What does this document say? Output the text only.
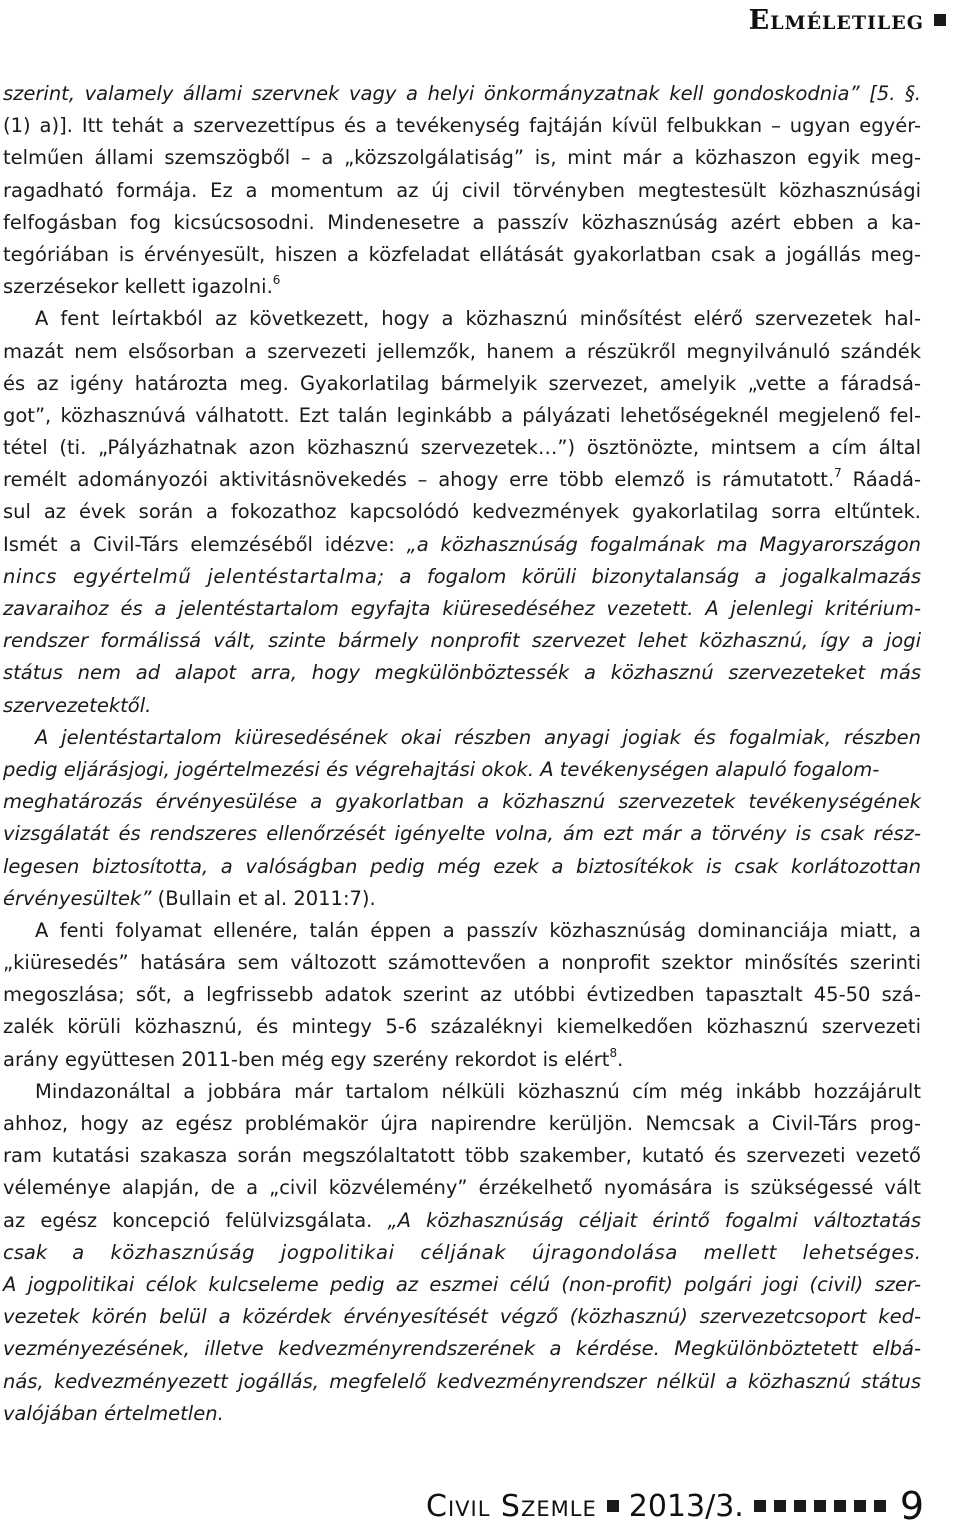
Elméletileg
szerint, valamely állami szervnek vagy a helyi önkormányzatnak kell gondoskodnia” [5. §.
(1) a)]. Itt tehát a szervezettípus és a tevékenység fajtáján kívül felbukkan – ugyan egyér-
telműen állami szemszögből – a „közszolgálatiság” is, mint már a közhaszon egyik meg-
ragadható formája. Ez a momentum az új civil törvényben megtestesült közhasznúsági
felfogásban fog kicsúcsosodni. Mindenesetre a passzív közhasznúság azért ebben a ka-
tegóriában is érvényesült, hiszen a közfeladat ellátását gyakorlatban csak a jogállás meg-
szerzésekor kellett igazolni.$^6$
A fent leírtakból az következett, hogy a közhasznú minősítést elérő szervezetek hal-
mazát nem elsősorban a szervezeti jellemzők, hanem a részükről megnyilvánuló szándék
és az igény határozta meg. Gyakorlatilag bármelyik szervezet, amelyik „vette a fáradsá-
got”, közhasznúvá válhatott. Ezt talán leginkább a pályázati lehetőségeknél megjelenő fel-
tétel (ti. „Pályázhatnak azon közhasznú szervezetek…”) ösztönözte, mintsem a cím által
remélt adományozói aktivitásnövekedés – ahogy erre több elemző is rámutatott.$^7$ Ráadá-
sul az évek során a fokozathoz kapcsolódó kedvezmények gyakorlatilag sorra eltűntek.
Ismét a Civil-Társ elemzéséből idézve: „a közhasznúság fogalmának ma Magyarországon
nincs egyértelmű jelentéstartalma; a fogalom körüli bizonytalanság a jogalkalmazás
zavaraihoz és a jelentéstartalom egyfajta kiüresedéséhez vezetett. A jelenlegi kritérium-
rendszer formálissá vált, szinte bármely nonprofit szervezet lehet közhasznú, így a jogi
státus nem ad alapot arra, hogy megkülönböztessék a közhasznú szervezeteket más
szervezetektől.
A jelentéstartalom kiüresedésének okai részben anyagi jogiak és fogalmiak, részben
pedig eljárásjogi, jogértelmezési és végrehajtási okok. A tevékenységen alapuló fogalom-
meghatározás érvényesülése a gyakorlatban a közhasznú szervezetek tevékenységének
vizsgálatát és rendszeres ellenőrzését igényelte volna, ám ezt már a törvény is csak rész-
legesen biztosította, a valóságban pedig még ezek a biztosítékok is csak korlátozottan
érvényesültek” (Bullain et al. 2011:7).
A fenti folyamat ellenére, talán éppen a passzív közhasznúság dominanciája miatt, a
„kiüresedés” hatására sem változott számottevően a nonprofit szektor minősítés szerinti
megoszlása; sőt, a legfrissebb adatok szerint az utóbbi évtizedben tapasztalt 45-50 szá-
zalék körüli közhasznú, és mintegy 5-6 százaléknyi kiemelkedően közhasznú szervezeti
arány együttesen 2011-ben még egy szerény rekordot is elért$^8$.
Mindazonáltal a jobbára már tartalom nélküli közhasznú cím még inkább hozzájárult
ahhoz, hogy az egész problémakör újra napirendre kerüljön. Nemcsak a Civil-Társ prog-
ram kutatási szakasza során megszólaltatott több szakember, kutató és szervezeti vezető
véleménye alapján, de a „civil közvélemény” érzékelhető nyomására is szükségessé vált
az egész koncepció felülvizsgálata. „A közhasznúság céljait érintő fogalmi változtatás
csak a közhasznúság jogpolitikai céljának újragondolása mellett lehetséges.
A jogpolitikai célok kulcseleme pedig az eszmei célú (non-profit) polgári jogi (civil) szer-
vezetek körén belül a közérdek érvényesítését végző (közhasznú) szervezetcsoport ked-
vezményezésének, illetve kedvezményrendszerének a kérdése. Megkülönböztetett elbá-
nás, kedvezményezett jogállás, megfelelő kedvezményrendszer nélkül a közhasznú státus
valójában értelmetlen.
Civil Szemle 2013/3.	9
